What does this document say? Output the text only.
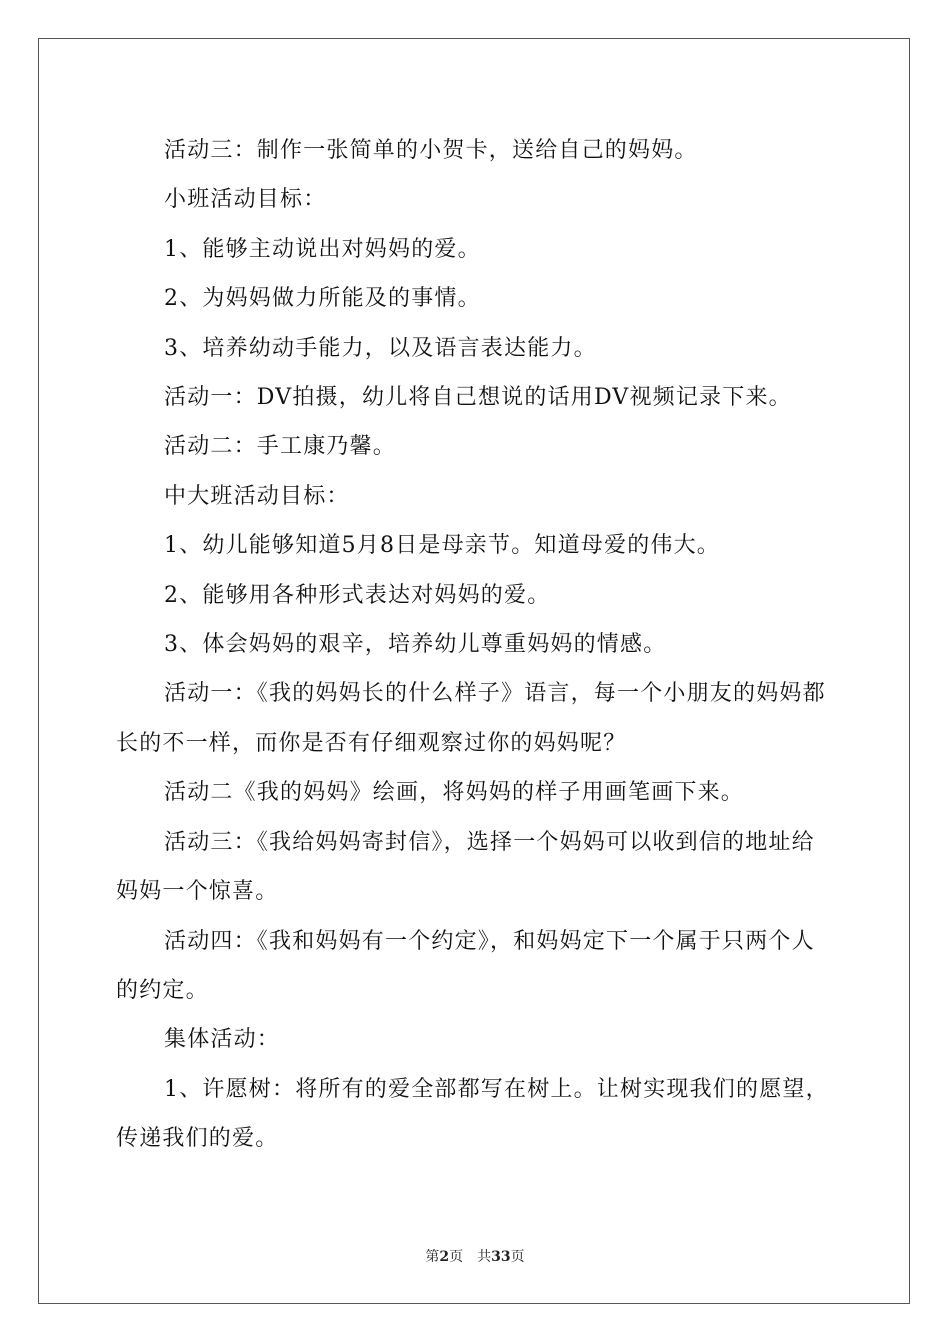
活动三：制作一张简单的小贺卡，送给自己的妈妈。

小班活动目标：

1、能够主动说出对妈妈的爱。

2、为妈妈做力所能及的事情。

3、培养幼动手能力，以及语言表达能力。

活动一：DV拍摄，幼儿将自己想说的话用DV视频记录下来。

活动二：手工康乃馨。

中大班活动目标：

1、幼儿能够知道5月8日是母亲节。知道母爱的伟大。

2、能够用各种形式表达对妈妈的爱。

3、体会妈妈的艰辛，培养幼儿尊重妈妈的情感。

活动一：《我的妈妈长的什么样子》语言，每一个小朋友的妈妈都长的不一样，而你是否有仔细观察过你的妈妈呢？

活动二《我的妈妈》绘画，将妈妈的样子用画笔画下来。

活动三：《我给妈妈寄封信》，选择一个妈妈可以收到信的地址给妈妈一个惊喜。

活动四：《我和妈妈有一个约定》，和妈妈定下一个属于只两个人的约定。

集体活动：

1、许愿树：将所有的爱全部都写在树上。让树实现我们的愿望，传递我们的爱。

第2页 共33页
